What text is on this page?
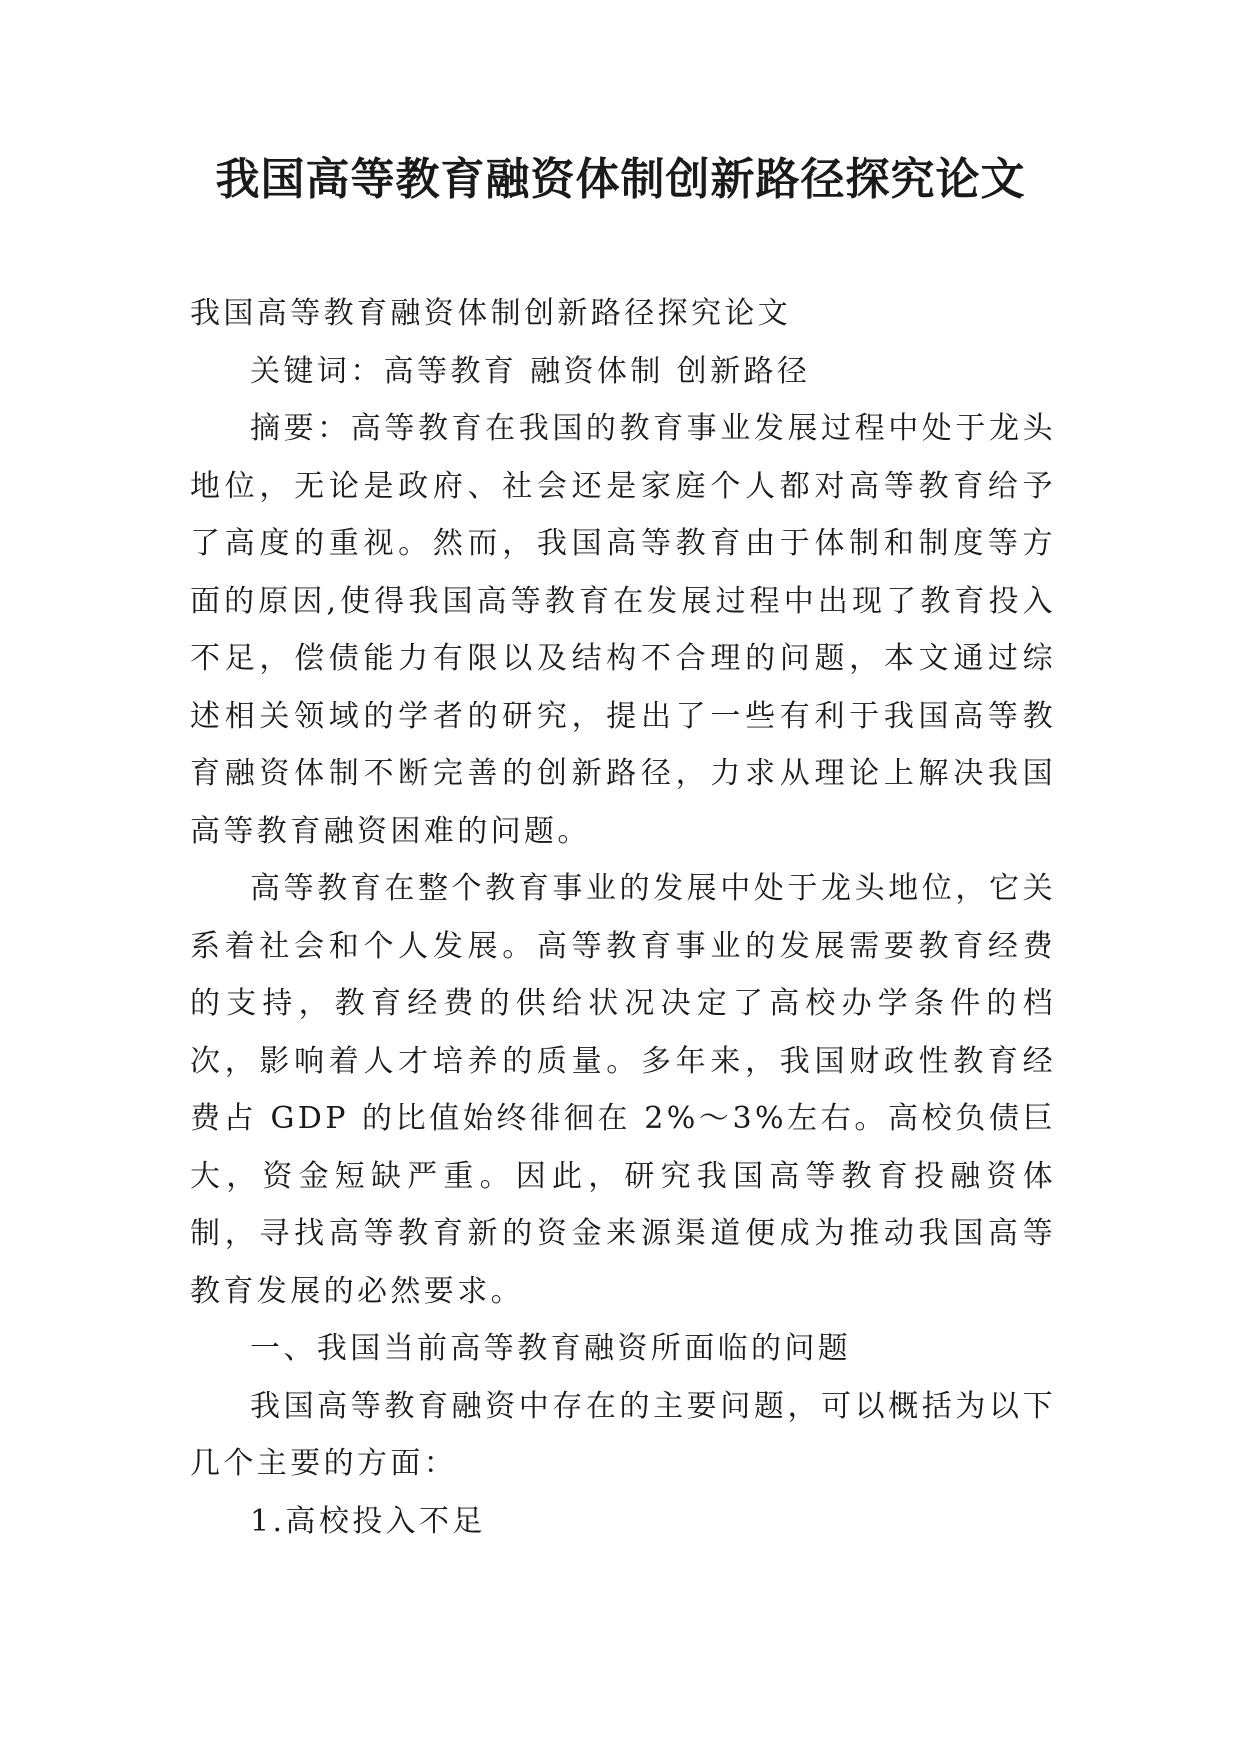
我国高等教育融资体制创新路径探究论文

我国高等教育融资体制创新路径探究论文

关键词：高等教育 融资体制 创新路径

摘要：高等教育在我国的教育事业发展过程中处于龙头地位，无论是政府、社会还是家庭个人都对高等教育给予了高度的重视。然而，我国高等教育由于体制和制度等方面的原因,使得我国高等教育在发展过程中出现了教育投入不足，偿债能力有限以及结构不合理的问题，本文通过综述相关领域的学者的研究，提出了一些有利于我国高等教育融资体制不断完善的创新路径，力求从理论上解决我国高等教育融资困难的问题。

高等教育在整个教育事业的发展中处于龙头地位，它关系着社会和个人发展。高等教育事业的发展需要教育经费的支持，教育经费的供给状况决定了高校办学条件的档次，影响着人才培养的质量。多年来，我国财政性教育经费占 GDP 的比值始终徘徊在 2%～3%左右。高校负债巨大，资金短缺严重。因此，研究我国高等教育投融资体制，寻找高等教育新的资金来源渠道便成为推动我国高等教育发展的必然要求。

一、我国当前高等教育融资所面临的问题

我国高等教育融资中存在的主要问题，可以概括为以下几个主要的方面：

1.高校投入不足
